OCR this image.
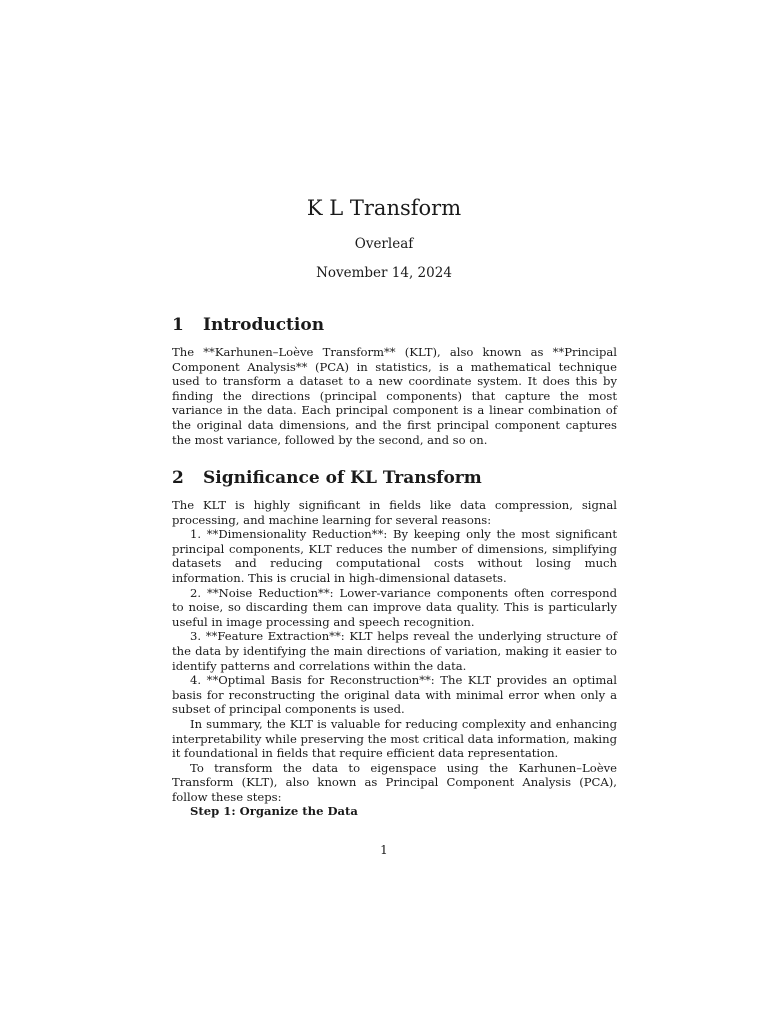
K L Transform
Overleaf
November 14, 2024
1 Introduction

The **Karhunen–Loève Transform** (KLT), also known as **Principal Component Analysis** (PCA) in statistics, is a mathematical technique used to transform a dataset to a new coordinate system. It does this by finding the directions (principal components) that capture the most variance in the data. Each principal component is a linear combination of the original data dimensions, and the first principal component captures the most variance, followed by the second, and so on.

2 Significance of KL Transform

The KLT is highly significant in fields like data compression, signal processing, and machine learning for several reasons:

1. **Dimensionality Reduction**: By keeping only the most significant principal components, KLT reduces the number of dimensions, simplifying datasets and reducing computational costs without losing much information. This is crucial in high-dimensional datasets.

2. **Noise Reduction**: Lower-variance components often correspond to noise, so discarding them can improve data quality. This is particularly useful in image processing and speech recognition.

3. **Feature Extraction**: KLT helps reveal the underlying structure of the data by identifying the main directions of variation, making it easier to identify patterns and correlations within the data.

4. **Optimal Basis for Reconstruction**: The KLT provides an optimal basis for reconstructing the original data with minimal error when only a subset of principal components is used.

In summary, the KLT is valuable for reducing complexity and enhancing interpretability while preserving the most critical data information, making it foundational in fields that require efficient data representation.

To transform the data to eigenspace using the Karhunen–Loève Transform (KLT), also known as Principal Component Analysis (PCA), follow these steps:

Step 1: Organize the Data

1
